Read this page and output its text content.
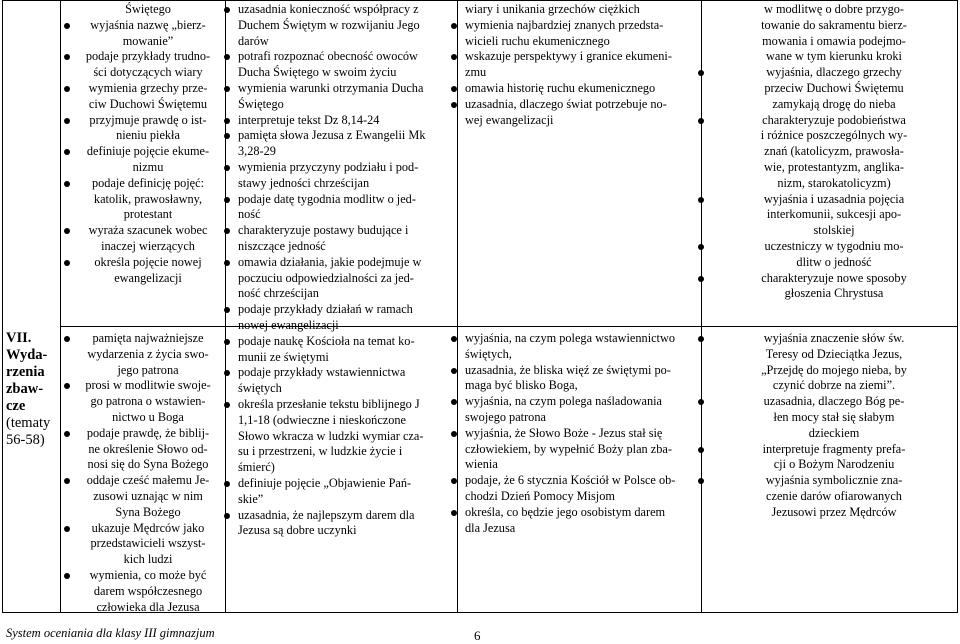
VII.
Wyda-
rzenia
zbaw-
cze
(tematy
56-58)
Świętego
wyjaśnia nazwę „bierz-
mowanie”
podaje przykłady trudno-
ści dotyczących wiary
wymienia grzechy prze-
ciw Duchowi Świętemu
przyjmuje prawdę o ist-
nieniu piekła
definiuje pojęcie ekume-
nizmu
podaje definicję pojęć:
katolik, prawosławny,
protestant
wyraża szacunek wobec
inaczej wierzących
określa pojęcie nowej
ewangelizacji
pamięta najważniejsze
wydarzenia z życia swo-
jego patrona
prosi w modlitwie swoje-
go patrona o wstawien-
nictwo u Boga
podaje prawdę, że biblij-
ne określenie Słowo od-
nosi się do Syna Bożego
oddaje cześć małemu Je-
zusowi uznając w nim
Syna Bożego
ukazuje Mędrców jako
przedstawicieli wszyst-
kich ludzi
wymienia, co może być
darem współczesnego
człowieka dla Jezusa
uzasadnia konieczność współpracy z
Duchem Świętym w rozwijaniu Jego
darów
potrafi rozpoznać obecność owoców
Ducha Świętego w swoim życiu
wymienia warunki otrzymania Ducha
Świętego
interpretuje tekst Dz 8,14-24
pamięta słowa Jezusa z Ewangelii Mk
3,28-29
wymienia przyczyny podziału i pod-
stawy jedności chrześcijan
podaje datę tygodnia modlitw o jed-
ność
charakteryzuje postawy budujące i
niszczące jedność
omawia działania, jakie podejmuje w
poczuciu odpowiedzialności za jed-
ność chrześcijan
podaje przykłady działań w ramach
nowej ewangelizacji
podaje naukę Kościoła na temat ko-
munii ze świętymi
podaje przykłady wstawiennictwa
świętych
określa przesłanie tekstu biblijnego J
1,1-18 (odwieczne i nieskończone
Słowo wkracza w ludzki wymiar cza-
su i przestrzeni, w ludzkie życie i
śmierć)
definiuje pojęcie „Objawienie Pań-
skie”
uzasadnia, że najlepszym darem dla
Jezusa są dobre uczynki
wiary i unikania grzechów ciężkich
wymienia najbardziej znanych przedsta-
wicieli ruchu ekumenicznego
wskazuje perspektywy i granice ekumeni-
zmu
omawia historię ruchu ekumenicznego
uzasadnia, dlaczego świat potrzebuje no-
wej ewangelizacji
wyjaśnia, na czym polega wstawiennictwo
świętych,
uzasadnia, że bliska więź ze świętymi po-
maga być blisko Boga,
wyjaśnia, na czym polega naśladowania
swojego patrona
wyjaśnia, że Słowo Boże - Jezus stał się
człowiekiem, by wypełnić Boży plan zba-
wienia
podaje, że 6 stycznia Kościół w Polsce ob-
chodzi Dzień Pomocy Misjom
określa, co będzie jego osobistym darem
dla Jezusa
w modlitwę o dobre przygo-
towanie do sakramentu bierz-
mowania i omawia podejmo-
wane w tym kierunku kroki
wyjaśnia, dlaczego grzechy
przeciw Duchowi Świętemu
zamykają drogę do nieba
charakteryzuje podobieństwa
i różnice poszczególnych wy-
znań (katolicyzm, prawosła-
wie, protestantyzm, anglika-
nizm, starokatolicyzm)
wyjaśnia i uzasadnia pojęcia
interkomunii, sukcesji apo-
stolskiej
uczestniczy w tygodniu mo-
dlitw o jedność
charakteryzuje nowe sposoby
głoszenia Chrystusa
wyjaśnia znaczenie słów św.
Teresy od Dzieciątka Jezus,
„Przejdę do mojego nieba, by
czynić dobrze na ziemi”.
uzasadnia, dlaczego Bóg pe-
łen mocy stał się słabym
dzieckiem
interpretuje fragmenty prefa-
cji o Bożym Narodzeniu
wyjaśnia symbolicznie zna-
czenie darów ofiarowanych
Jezusowi przez Mędrców
System oceniania dla klasy III gimnazjum	6
